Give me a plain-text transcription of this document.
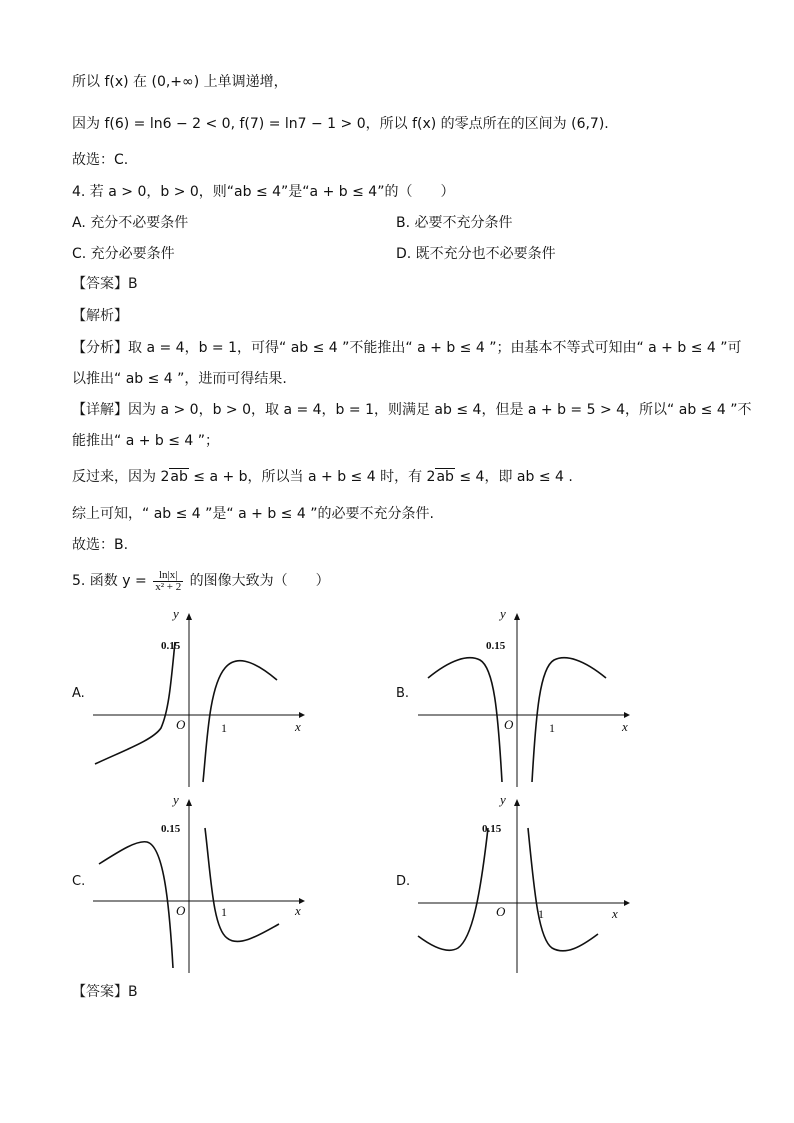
所以 f(x) 在 (0,+∞) 上单调递增，
因为 f(6) = ln6 − 2 < 0, f(7) = ln7 − 1 > 0，所以 f(x) 的零点所在的区间为 (6,7).
故选：C.
4. 若 a > 0，b > 0，则“ab ≤ 4”是“a + b ≤ 4”的（　　）
A. 充分不必要条件	B. 必要不充分条件
C. 充分必要条件	D. 既不充分也不必要条件
【答案】B
【解析】
【分析】取 a = 4，b = 1，可得“ ab ≤ 4 ”不能推出“ a + b ≤ 4 ”；由基本不等式可知由“ a + b ≤ 4 ”可
以推出“ ab ≤ 4 ”，进而可得结果.
【详解】因为 a > 0，b > 0，取 a = 4，b = 1，则满足 ab ≤ 4，但是 a + b = 5 > 4，所以“ ab ≤ 4 ”不
能推出“ a + b ≤ 4 ”；
反过来，因为 2ab ≤ a + b，所以当 a + b ≤ 4 时，有 2ab ≤ 4，即 ab ≤ 4 .
综上可知，“ ab ≤ 4 ”是“ a + b ≤ 4 ”的必要不充分条件.
故选：B.
5. 函数 $y = \frac{\ln|x|}{\text{x² + 2}}$ 的图像大致为（　　）
A.	B.
C.	D.
y
x
O	1
0.15
y
x
O	1
0.15
y
x
O	1
0.15
y
x
O	1
0.15
【答案】B
